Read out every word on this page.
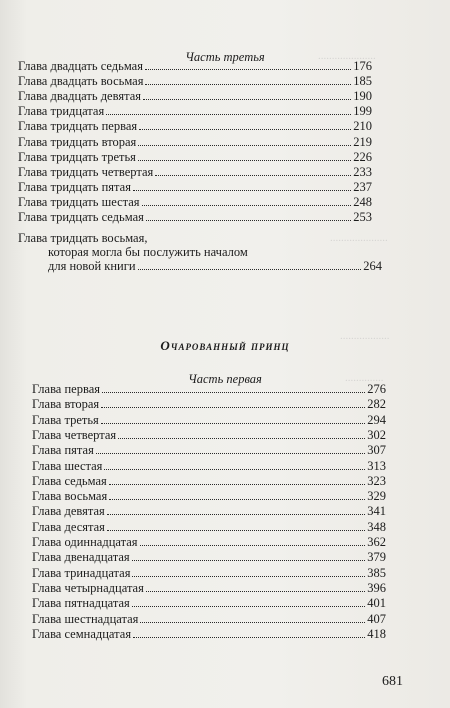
.....................
.....................
..................
..............
Часть третья
Глава двадцать седьмая	176
Глава двадцать восьмая	185
Глава двадцать девятая	190
Глава тридцатая	199
Глава тридцать первая	210
Глава тридцать вторая	219
Глава тридцать третья	226
Глава тридцать четвертая	233
Глава тридцать пятая	237
Глава тридцать шестая	248
Глава тридцать седьмая	253
Глава тридцать восьмая,
которая могла бы послужить началом
для новой книги	264
Очарованный принц
Часть первая
Глава первая	276
Глава вторая	282
Глава третья	294
Глава четвертая	302
Глава пятая	307
Глава шестая	313
Глава седьмая	323
Глава восьмая	329
Глава девятая	341
Глава десятая	348
Глава одиннадцатая	362
Глава двенадцатая	379
Глава тринадцатая	385
Глава четырнадцатая	396
Глава пятнадцатая	401
Глава шестнадцатая	407
Глава семнадцатая	418
681
